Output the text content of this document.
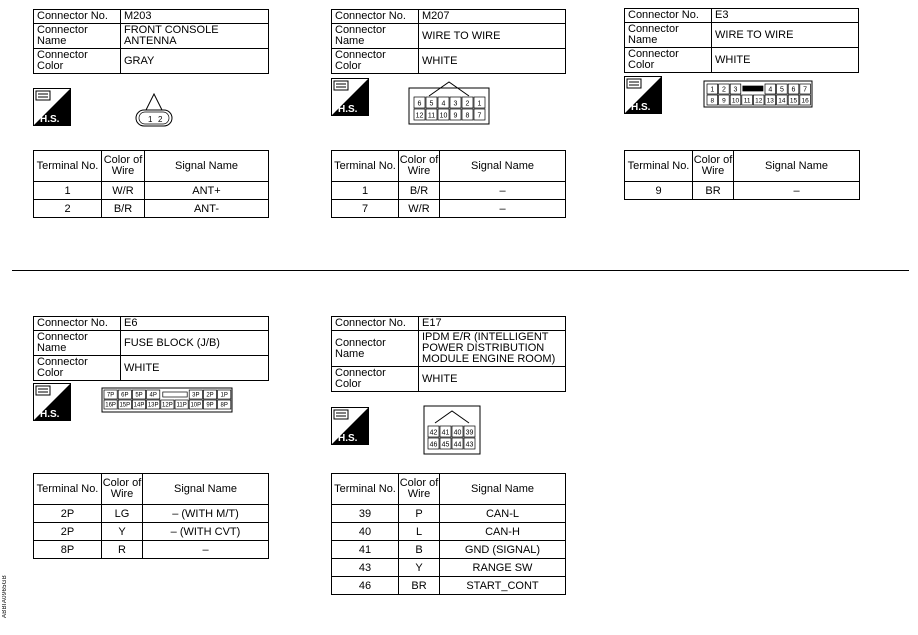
Connector No.	M203
Connector Name	FRONT CONSOLE ANTENNA
Connector Color	GRAY
H.S.	1 2
Terminal No.	Color of Wire	Signal Name
1	W/R	ANT+
2	B/R	ANT-
Connector No.	M207
Connector Name	WIRE TO WIRE
Connector Color	WHITE
H.S.	6 5 4 3 2 1
12 11 10 9 8 7
Terminal No.	Color of Wire	Signal Name
1	B/R	–
7	W/R	–
Connector No.	E3
Connector Name	WIRE TO WIRE
Connector Color	WHITE
H.S.
1 2 3	4 5 6 7
8 9 10 11 12 13 14 15 16
Terminal No.	Color of Wire	Signal Name
9	BR	–
Connector No.	E6
Connector Name	FUSE BLOCK (J/B)
Connector Color	WHITE
H.S.
7P 6P 5P 4P	3P 2P 1P
16P 15P 14P 13P 12P 11P 10P 9P 8P
Terminal No.	Color of Wire	Signal Name
2P	LG	– (WITH M/T)
2P	Y	– (WITH CVT)
8P	R	–
Connector No.	E17
Connector Name	IPDM E/R (INTELLIGENT POWER DISTRIBUTION MODULE ENGINE ROOM)
Connector Color	WHITE
H.S.	42 41 40 39
46 45 44 43
Terminal No.	Color of Wire	Signal Name
39	P	CAN-L
40	L	CAN-H
41	B	GND (SIGNAL)
43	Y	RANGE SW
46	BR	START_CONT
ABBIA0965GB
